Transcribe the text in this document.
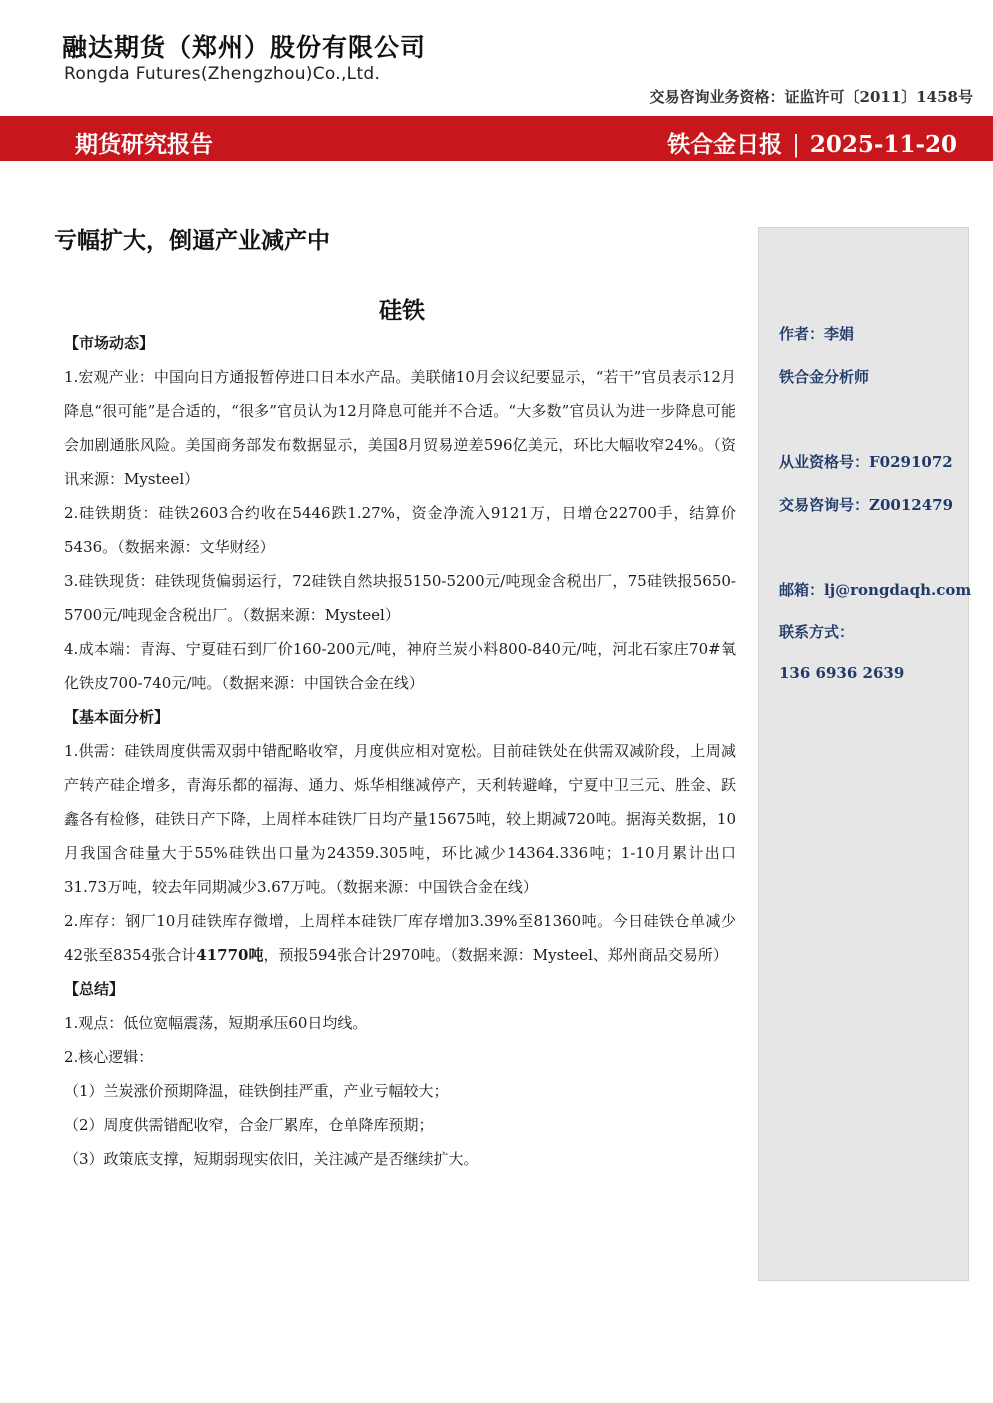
融达期货（郑州）股份有限公司
Rongda Futures(Zhengzhou)Co.,Ltd.
交易咨询业务资格：证监许可〔2011〕1458号
期货研究报告	铁合金日报 | 2025-11-20
亏幅扩大，倒逼产业减产中
硅铁

【市场动态】

1.宏观产业：中国向日方通报暂停进口日本水产品。美联储10月会议纪要显示，“若干”官员表示12月降息“很可能”是合适的，“很多”官员认为12月降息可能并不合适。“大多数”官员认为进一步降息可能会加剧通胀风险。美国商务部发布数据显示，美国8月贸易逆差596亿美元，环比大幅收窄24%。（资讯来源：Mysteel）

2.硅铁期货：硅铁2603合约收在5446跌1.27%，资金净流入9121万，日增仓22700手，结算价5436。（数据来源：文华财经）

3.硅铁现货：硅铁现货偏弱运行，72硅铁自然块报5150-5200元/吨现金含税出厂，75硅铁报5650-5700元/吨现金含税出厂。（数据来源：Mysteel）

4.成本端：青海、宁夏硅石到厂价160-200元/吨，神府兰炭小料800-840元/吨，河北石家庄70#氧化铁皮700-740元/吨。（数据来源：中国铁合金在线）

【基本面分析】

1.供需：硅铁周度供需双弱中错配略收窄，月度供应相对宽松。目前硅铁处在供需双减阶段，上周减产转产硅企增多，青海乐都的福海、通力、烁华相继减停产，天利转避峰，宁夏中卫三元、胜金、跃鑫各有检修，硅铁日产下降，上周样本硅铁厂日均产量15675吨，较上期减720吨。据海关数据，10月我国含硅量大于55%硅铁出口量为24359.305吨，环比减少14364.336吨；1-10月累计出口31.73万吨，较去年同期减少3.67万吨。（数据来源：中国铁合金在线）

2.库存：钢厂10月硅铁库存微增，上周样本硅铁厂库存增加3.39%至81360吨。今日硅铁仓单减少42张至8354张合计41770吨，预报594张合计2970吨。（数据来源：Mysteel、郑州商品交易所）

【总结】

1.观点：低位宽幅震荡，短期承压60日均线。

2.核心逻辑：

（1）兰炭涨价预期降温，硅铁倒挂严重，产业亏幅较大；

（2）周度供需错配收窄，合金厂累库，仓单降库预期；

（3）政策底支撑，短期弱现实依旧，关注减产是否继续扩大。

作者：李娟
铁合金分析师
从业资格号：F0291072
交易咨询号：Z0012479
邮箱：lj@rongdaqh.com
联系方式：
136 6936 2639
